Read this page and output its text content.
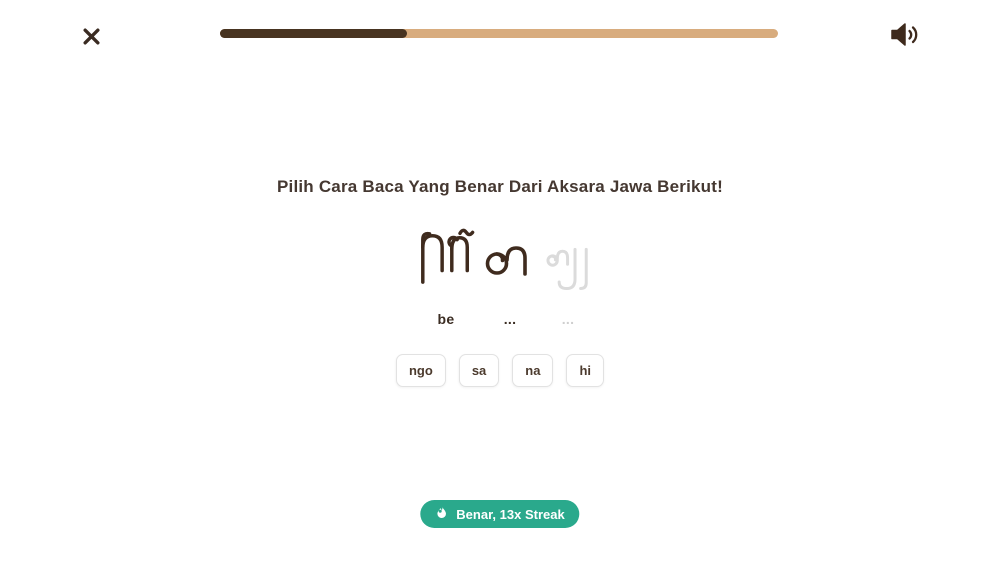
Pilih Cara Baca Yang Benar Dari Aksara Jawa Berikut!
be	...	...
ngo	sa	na	hi
Benar, 13x Streak
